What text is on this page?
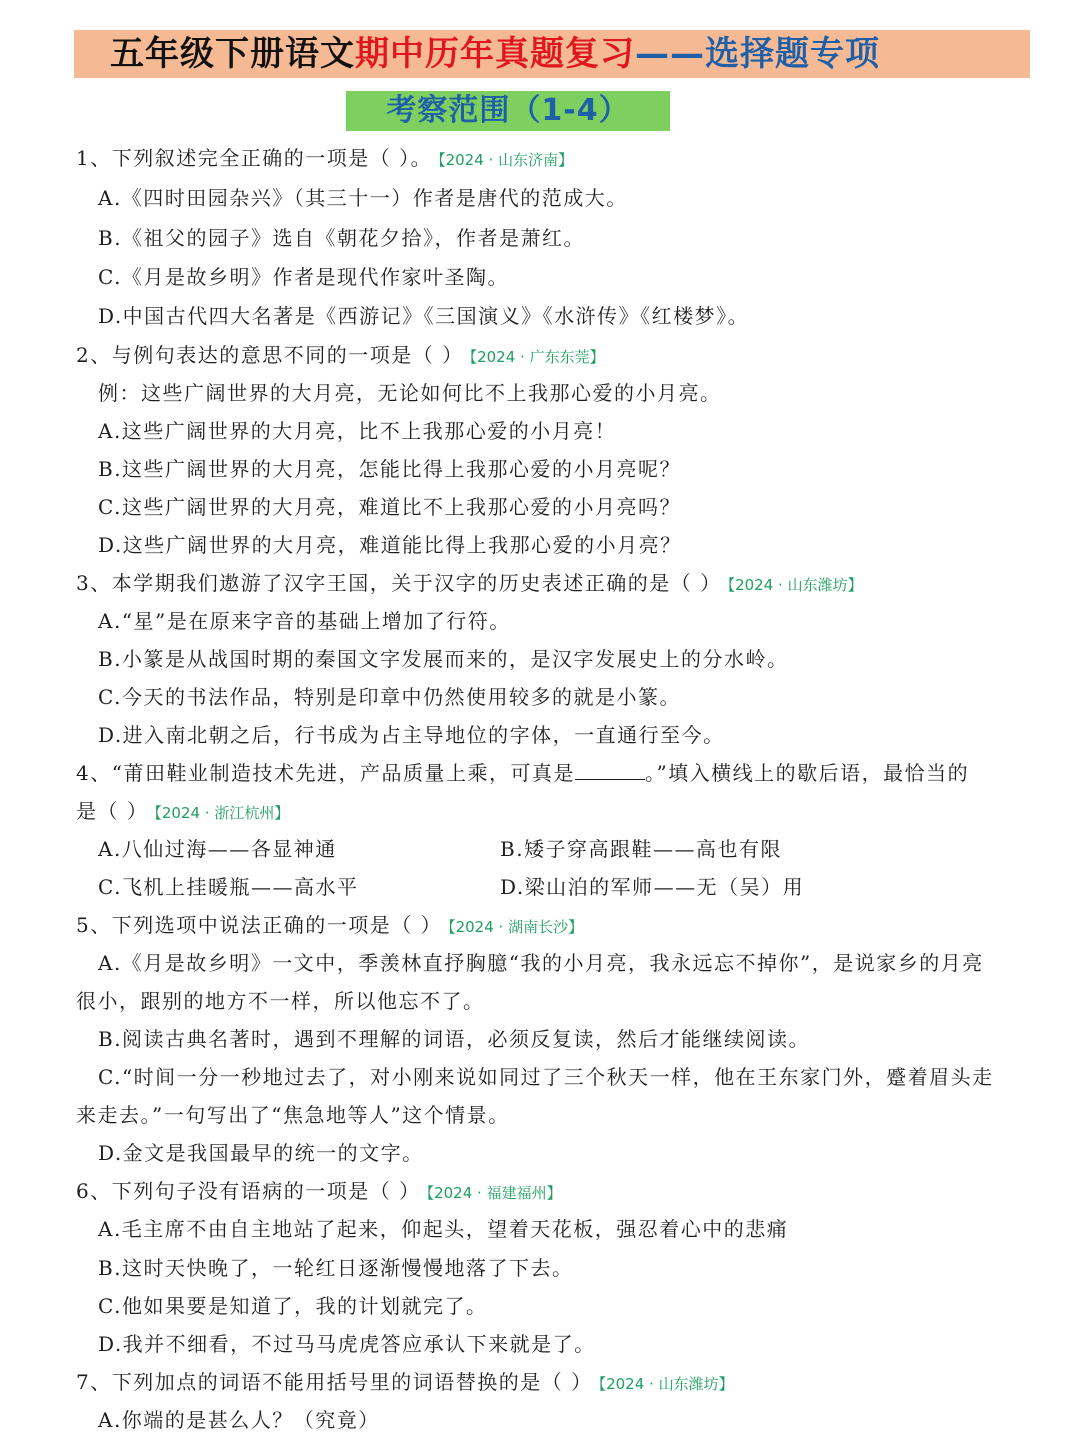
五年级下册语文期中历年真题复习——选择题专项
考察范围（1-4）
1、下列叙述完全正确的一项是（ ）。 【2024 · 山东济南】
A.《四时田园杂兴》（其三十一）作者是唐代的范成大。
B.《祖父的园子》选自《朝花夕拾》，作者是萧红。
C.《月是故乡明》作者是现代作家叶圣陶。
D.中国古代四大名著是《西游记》《三国演义》《水浒传》《红楼梦》。
2、与例句表达的意思不同的一项是（ ） 【2024 · 广东东莞】
例：这些广阔世界的大月亮，无论如何比不上我那心爱的小月亮。
A.这些广阔世界的大月亮，比不上我那心爱的小月亮！
B.这些广阔世界的大月亮，怎能比得上我那心爱的小月亮呢？
C.这些广阔世界的大月亮，难道比不上我那心爱的小月亮吗？
D.这些广阔世界的大月亮，难道能比得上我那心爱的小月亮？
3、本学期我们遨游了汉字王国，关于汉字的历史表述正确的是（ ） 【2024 · 山东潍坊】
A.“星”是在原来字音的基础上增加了行符。
B.小篆是从战国时期的秦国文字发展而来的，是汉字发展史上的分水岭。
C.今天的书法作品，特别是印章中仍然使用较多的就是小篆。
D.进入南北朝之后，行书成为占主导地位的字体，一直通行至今。
4、“莆田鞋业制造技术先进，产品质量上乘，可真是	。”填入横线上的歇后语，最恰当的
是（ ） 【2024 · 浙江杭州】
A.八仙过海——各显神通	B.矮子穿高跟鞋——高也有限
C.飞机上挂暖瓶——高水平	D.梁山泊的军师——无（吴）用
5、下列选项中说法正确的一项是（ ） 【2024 · 湖南长沙】
A.《月是故乡明》一文中，季羡林直抒胸臆“我的小月亮，我永远忘不掉你”，是说家乡的月亮
很小，跟别的地方不一样，所以他忘不了。
B.阅读古典名著时，遇到不理解的词语，必须反复读，然后才能继续阅读。
C.“时间一分一秒地过去了，对小刚来说如同过了三个秋天一样，他在王东家门外，蹙着眉头走
来走去。”一句写出了“焦急地等人”这个情景。
D.金文是我国最早的统一的文字。
6、下列句子没有语病的一项是（ ） 【2024 · 福建福州】
A.毛主席不由自主地站了起来，仰起头，望着天花板，强忍着心中的悲痛
B.这时天快晚了，一轮红日逐渐慢慢地落了下去。
C.他如果要是知道了，我的计划就完了。
D.我并不细看，不过马马虎虎答应承认下来就是了。
7、下列加点的词语不能用括号里的词语替换的是（ ） 【2024 · 山东潍坊】
A.你端的是甚么人？（究竟）
